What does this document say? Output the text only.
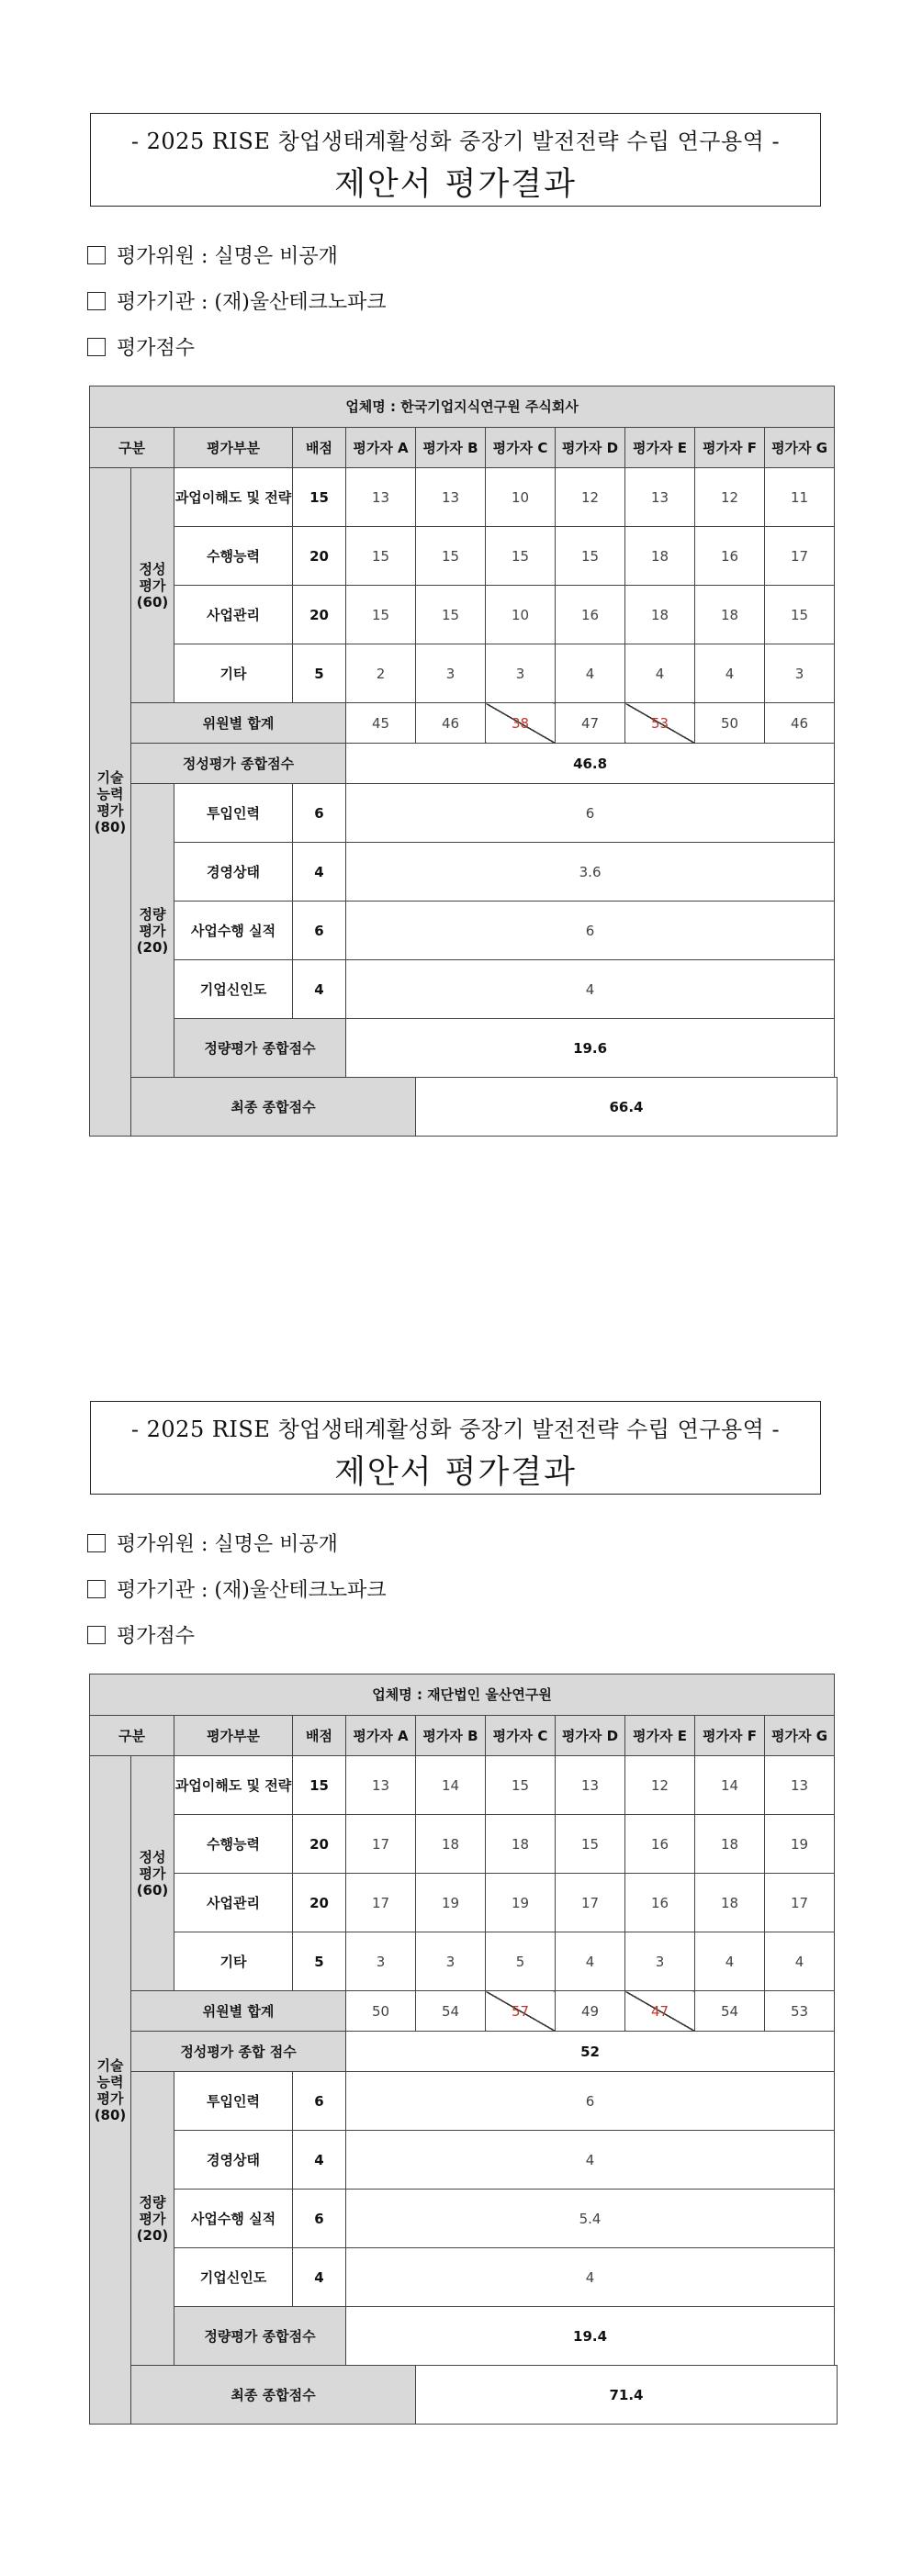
- 2025 RISE 창업생태계활성화 중장기 발전전략 수립 연구용역 -
제안서 평가결과
평가위원 : 실명은 비공개
평가기관 : (재)울산테크노파크
평가점수
업체명 : 한국기업지식연구원 주식회사										
구분		평가부분	배점	평가자 A	평가자 B	평가자 C	평가자 D	평가자 E	평가자 F	평가자 G
기술 능력 평가 (80)	정성 평가 (60)	과업이해도 및 전략	15	13	13	10	12	13	12	11
		수행능력	20	15	15	15	15	18	16	17
		사업관리	20	15	15	10	16	18	18	15
		기타	5	2	3	3	4	4	4	3
	위원별 합계			45	46	38	47	53	50	46
	정성평가 종합점수			46.8						
	정량 평가 (20)	투입인력	6	6						
		경영상태	4	3.6						
		사업수행 실적	6	6						
		기업신인도	4	4						
		정량평가 종합점수		19.6						
	최종 종합점수				66.4					
- 2025 RISE 창업생태계활성화 중장기 발전전략 수립 연구용역 -
제안서 평가결과
평가위원 : 실명은 비공개
평가기관 : (재)울산테크노파크
평가점수
업체명 : 재단법인 울산연구원										
구분		평가부분	배점	평가자 A	평가자 B	평가자 C	평가자 D	평가자 E	평가자 F	평가자 G
기술 능력 평가 (80)	정성 평가 (60)	과업이해도 및 전략	15	13	14	15	13	12	14	13
		수행능력	20	17	18	18	15	16	18	19
		사업관리	20	17	19	19	17	16	18	17
		기타	5	3	3	5	4	3	4	4
	위원별 합계			50	54	57	49	47	54	53
	정성평가 종합 점수			52						
	정량 평가 (20)	투입인력	6	6						
		경영상태	4	4						
		사업수행 실적	6	5.4						
		기업신인도	4	4						
		정량평가 종합점수		19.4						
	최종 종합점수				71.4					
